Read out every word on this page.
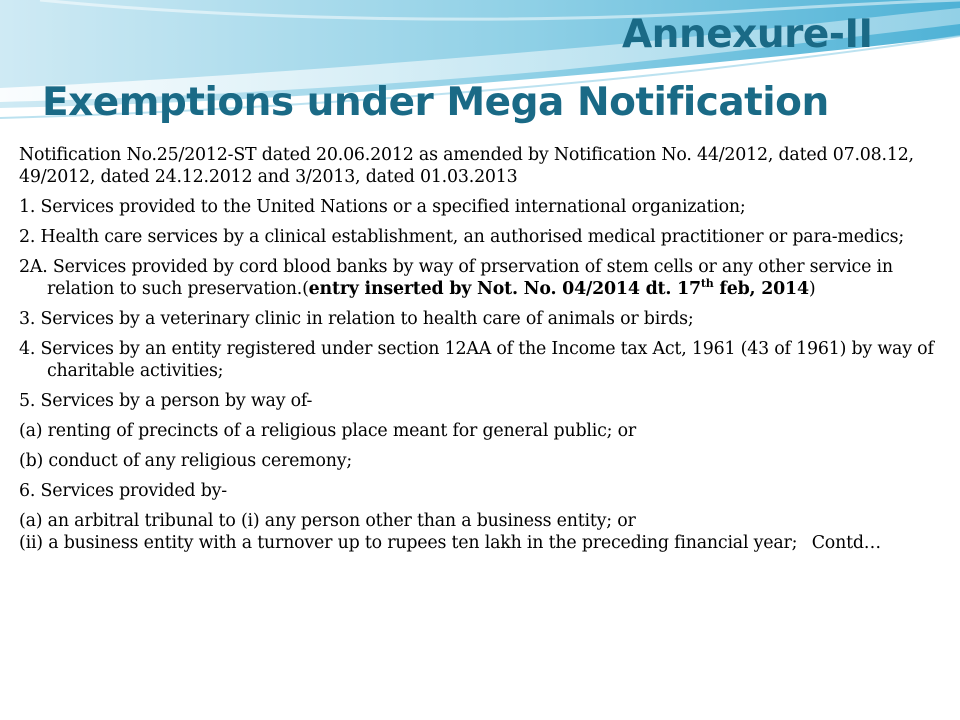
Annexure-II
Exemptions under Mega Notification

Notification No.25/2012-ST dated 20.06.2012 as amended by Notification No. 44/2012, dated 07.08.12, 49/2012, dated 24.12.2012 and 3/2013, dated 01.03.2013

1. Services provided to the United Nations or a specified international organization;

2. Health care services by a clinical establishment, an authorised medical practitioner or para-medics;

2A. Services provided by cord blood banks by way of prservation of stem cells or any other service in relation to such preservation.(entry inserted by Not. No. 04/2014 dt. 17th feb, 2014)

3. Services by a veterinary clinic in relation to health care of animals or birds;

4. Services by an entity registered under section 12AA of the Income tax Act, 1961 (43 of 1961) by way of charitable activities;

5. Services by a person by way of-

(a) renting of precincts of a religious place meant for general public; or

(b) conduct of any religious ceremony;

6. Services provided by-

(a) an arbitral tribunal to (i) any person other than a business entity; or
(ii) a business entity with a turnover up to rupees ten lakh in the preceding financial year; Contd…
